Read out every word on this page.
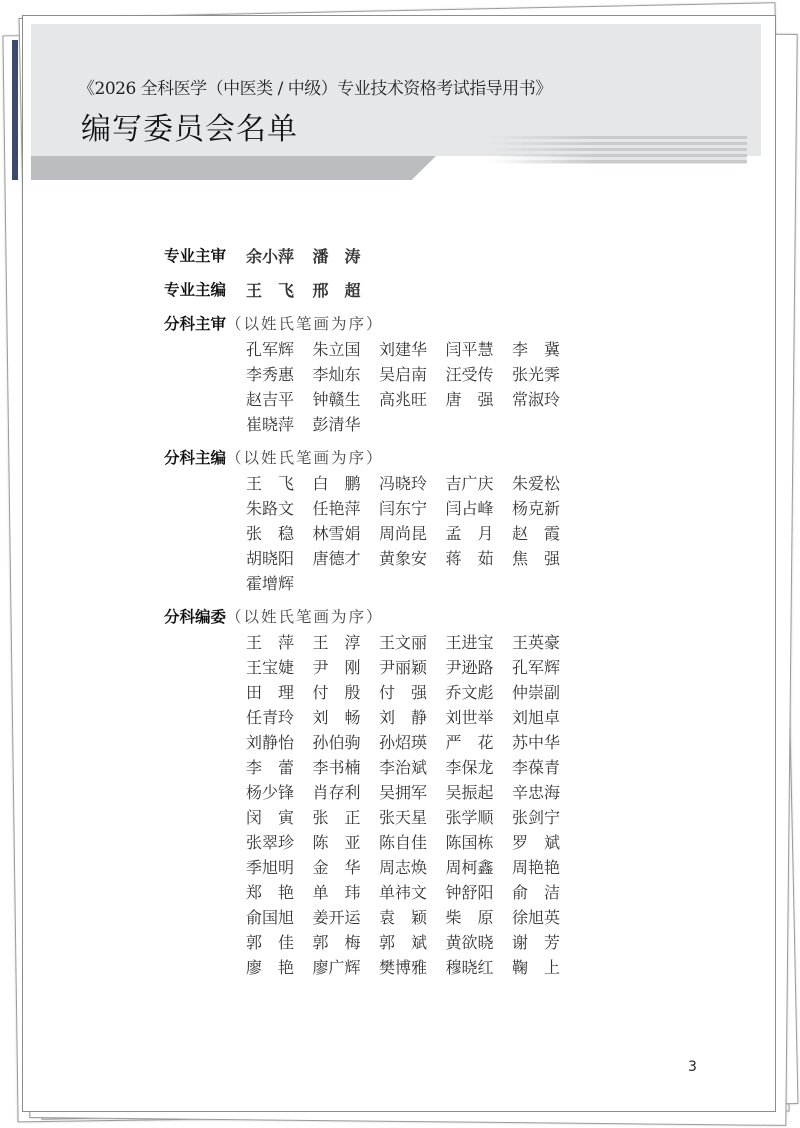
《2026 全科医学（中医类 / 中级）专业技术资格考试指导用书》
编写委员会名单
专业主审	余小萍 潘涛
专业主编	王飞 邢超
分科主审 （以姓氏笔画为序）
孔军辉 朱立国 刘建华 闫平慧 李冀
李秀惠 李灿东 吴启南 汪受传 张光霁
赵吉平 钟赣生 高兆旺 唐强 常淑玲
崔晓萍 彭清华
分科主编 （以姓氏笔画为序）
王飞 白鹏 冯晓玲 吉广庆 朱爱松
朱路文 任艳萍 闫东宁 闫占峰 杨克新
张稳 林雪娟 周尚昆 孟月 赵霞
胡晓阳 唐德才 黄象安 蒋茹 焦强
霍增辉
分科编委 （以姓氏笔画为序）
王萍 王淳 王文丽 王进宝 王英豪
王宝婕 尹刚 尹丽颖 尹逊路 孔军辉
田理 付殷 付强 乔文彪 仲崇副
任青玲 刘畅 刘静 刘世举 刘旭卓
刘静怡 孙伯驹 孙炤瑛 严花 苏中华
李蕾 李书楠 李治斌 李保龙 李葆青
杨少锋 肖存利 吴拥军 吴振起 辛忠海
闵寅 张正 张天星 张学顺 张剑宁
张翠珍 陈亚 陈自佳 陈国栋 罗斌
季旭明 金华 周志焕 周柯鑫 周艳艳
郑艳 单玮 单祎文 钟舒阳 俞洁
俞国旭 姜开运 袁颖 柴原 徐旭英
郭佳 郭梅 郭斌 黄欲晓 谢芳
廖艳 廖广辉 樊博雅 穆晓红 鞠上
3
